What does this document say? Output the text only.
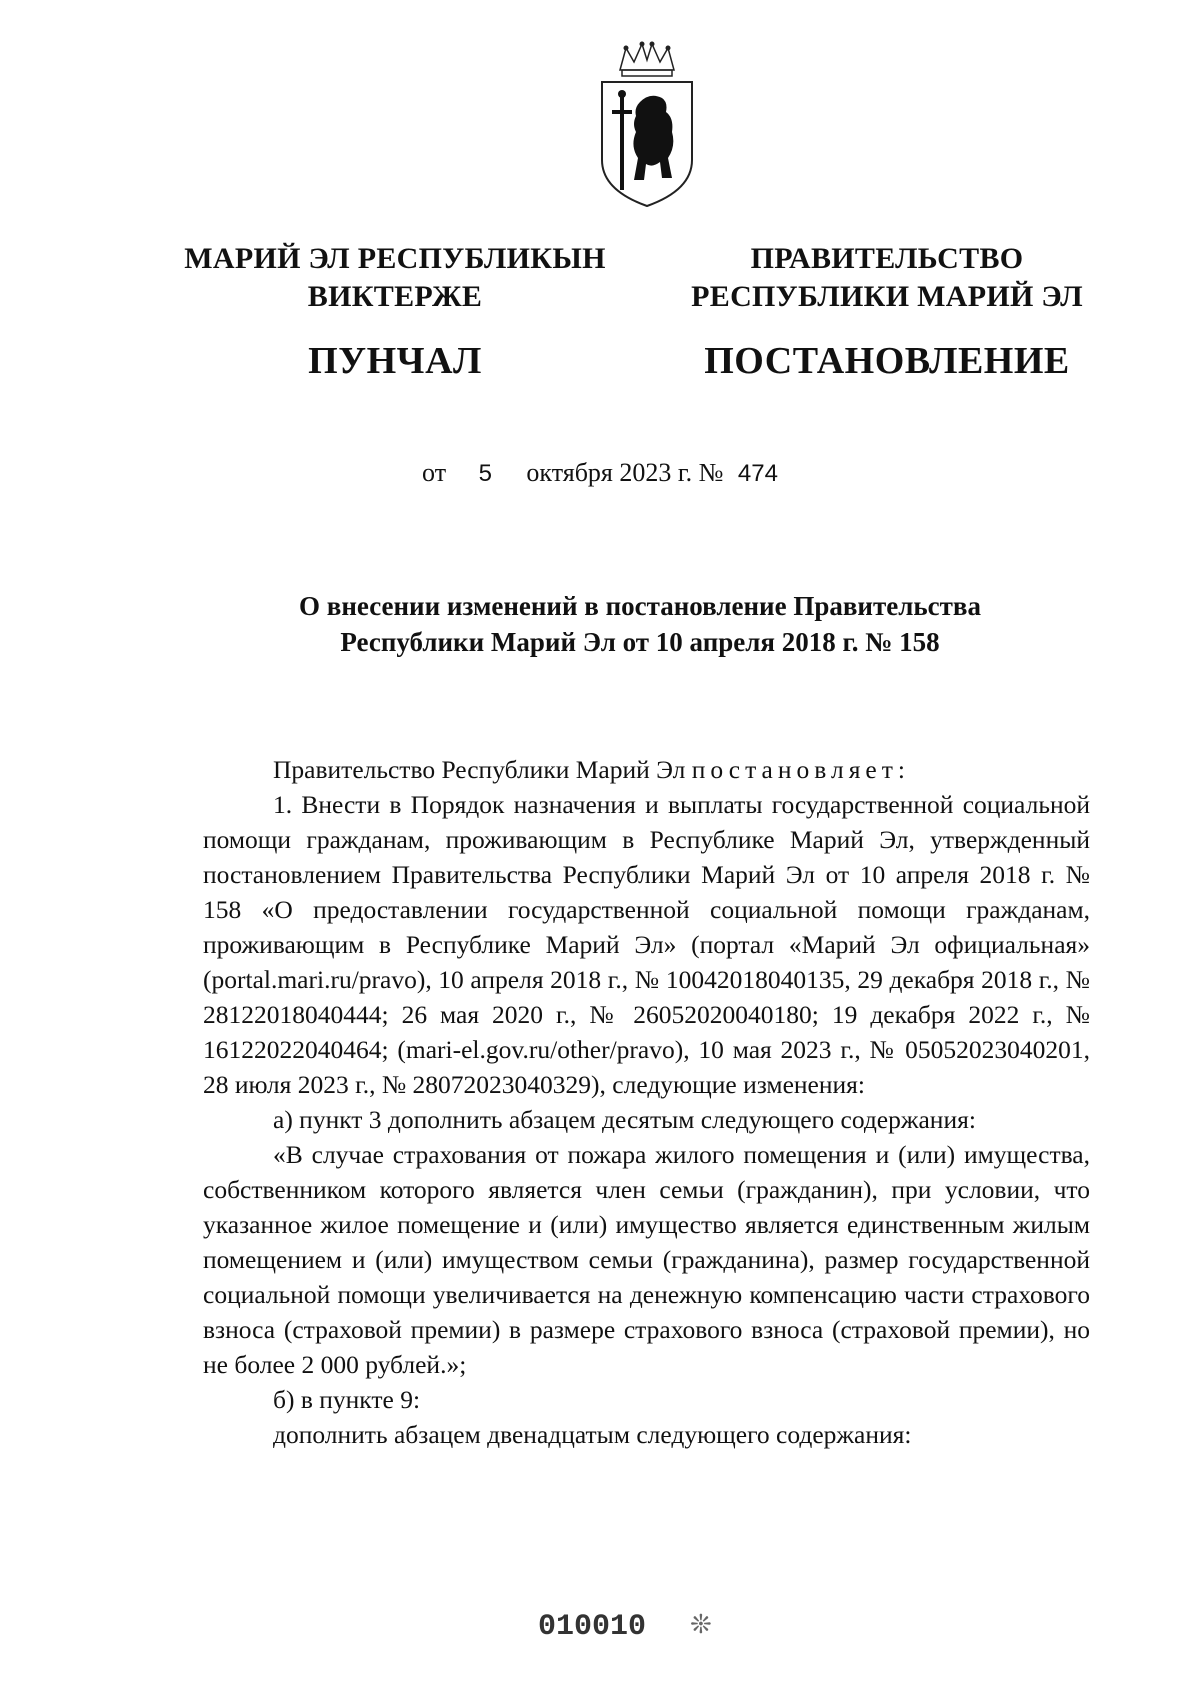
МАРИЙ ЭЛ РЕСПУБЛИКЫН
ВИКТЕРЖЕ
ПУНЧАЛ
ПРАВИТЕЛЬСТВО
РЕСПУБЛИКИ МАРИЙ ЭЛ
ПОСТАНОВЛЕНИЕ
от 5 октября 2023 г. № 474
О внесении изменений в постановление Правительства
Республики Марий Эл от 10 апреля 2018 г. № 158

Правительство Республики Марий Эл постановляет:

1. Внести в Порядок назначения и выплаты государственной социальной помощи гражданам, проживающим в Республике Марий Эл, утвержденный постановлением Правительства Республики Марий Эл от 10 апреля 2018 г. № 158 «О предоставлении государственной социальной помощи гражданам, проживающим в Республике Марий Эл» (портал «Марий Эл официальная» (portal.mari.ru/pravo), 10 апреля 2018 г., № 10042018040135, 29 декабря 2018 г., № 28122018040444; 26 мая 2020 г., № 26052020040180; 19 декабря 2022 г., № 16122022040464; (mari-el.gov.ru/other/pravo), 10 мая 2023 г., № 05052023040201, 28 июля 2023 г., № 28072023040329), следующие изменения:

а) пункт 3 дополнить абзацем десятым следующего содержания:

«В случае страхования от пожара жилого помещения и (или) имущества, собственником которого является член семьи (гражданин), при условии, что указанное жилое помещение и (или) имущество является единственным жилым помещением и (или) имуществом семьи (гражданина), размер государственной социальной помощи увеличивается на денежную компенсацию части страхового взноса (страховой премии) в размере страхового взноса (страховой премии), но не более 2 000 рублей.»;

б) в пункте 9:

дополнить абзацем двенадцатым следующего содержания:

010010 ❊
